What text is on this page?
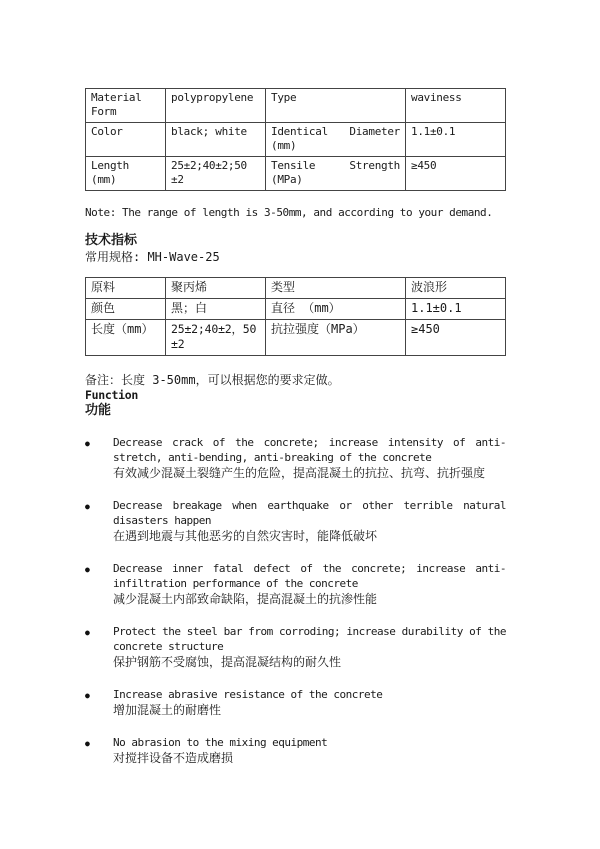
Material Form	polypropylene	Type	waviness
Color	black; white	Identical Diameter (mm)	1.1±0.1
Length (mm)	25±2;40±2;50 ±2	Tensile Strength (MPa)	≥450
Note: The range of length is 3-50mm, and according to your demand.
技术指标
常用规格: MH-Wave-25
原料	聚丙烯	类型	波浪形
颜色	黑；白	直径 （mm）	1.1±0.1
长度（mm）	25±2;40±2，50 ±2	抗拉强度（MPa）	≥450
备注：长度 3-50mm，可以根据您的要求定做。
Function
功能
●	Decrease crack of the concrete; increase intensity of anti-stretch, anti-bending, anti-breaking of the concrete
有效减少混凝土裂缝产生的危险，提高混凝土的抗拉、抗弯、抗折强度
●	Decrease breakage when earthquake or other terrible natural disasters happen
在遇到地震与其他恶劣的自然灾害时，能降低破坏
●	Decrease inner fatal defect of the concrete; increase anti-infiltration performance of the concrete
减少混凝土内部致命缺陷，提高混凝土的抗渗性能
●	Protect the steel bar from corroding; increase durability of the concrete structure
保护钢筋不受腐蚀，提高混凝结构的耐久性
●	Increase abrasive resistance of the concrete
增加混凝土的耐磨性
●	No abrasion to the mixing equipment
对搅拌设备不造成磨损
